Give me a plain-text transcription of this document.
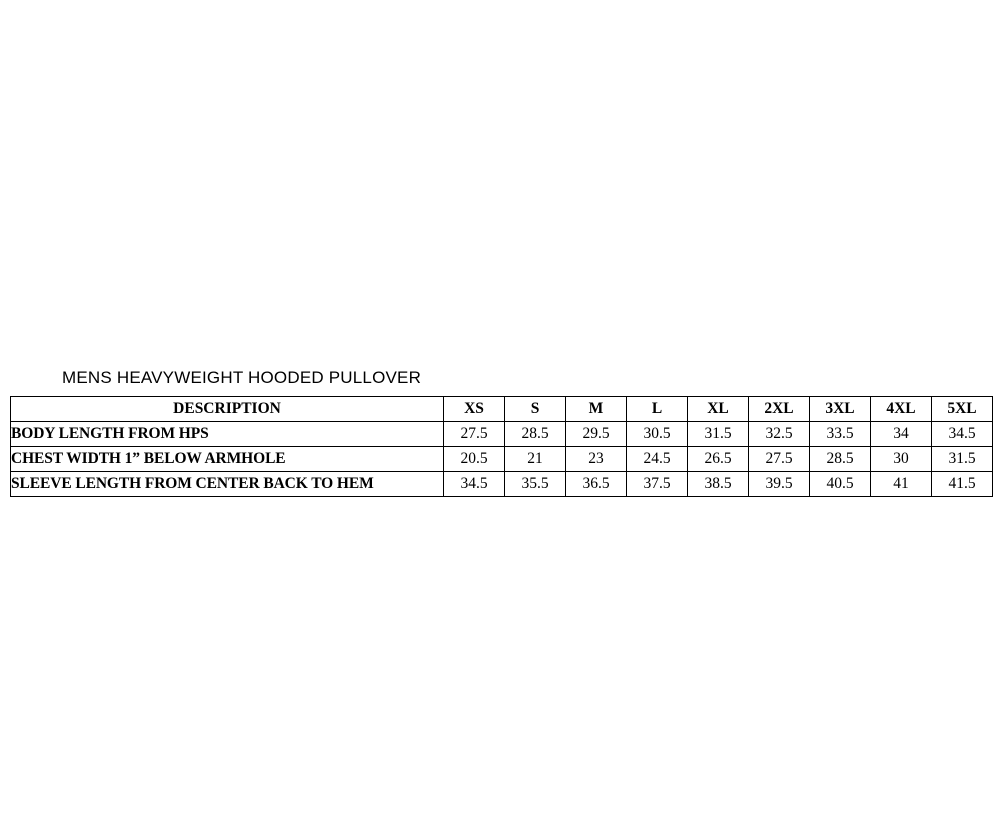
MENS HEAVYWEIGHT HOODED PULLOVER
DESCRIPTION	XS	S	M	L	XL	2XL	3XL	4XL	5XL
BODY LENGTH FROM HPS	27.5	28.5	29.5	30.5	31.5	32.5	33.5	34	34.5
CHEST WIDTH 1” BELOW ARMHOLE	20.5	21	23	24.5	26.5	27.5	28.5	30	31.5
SLEEVE LENGTH FROM CENTER BACK TO HEM	34.5	35.5	36.5	37.5	38.5	39.5	40.5	41	41.5
